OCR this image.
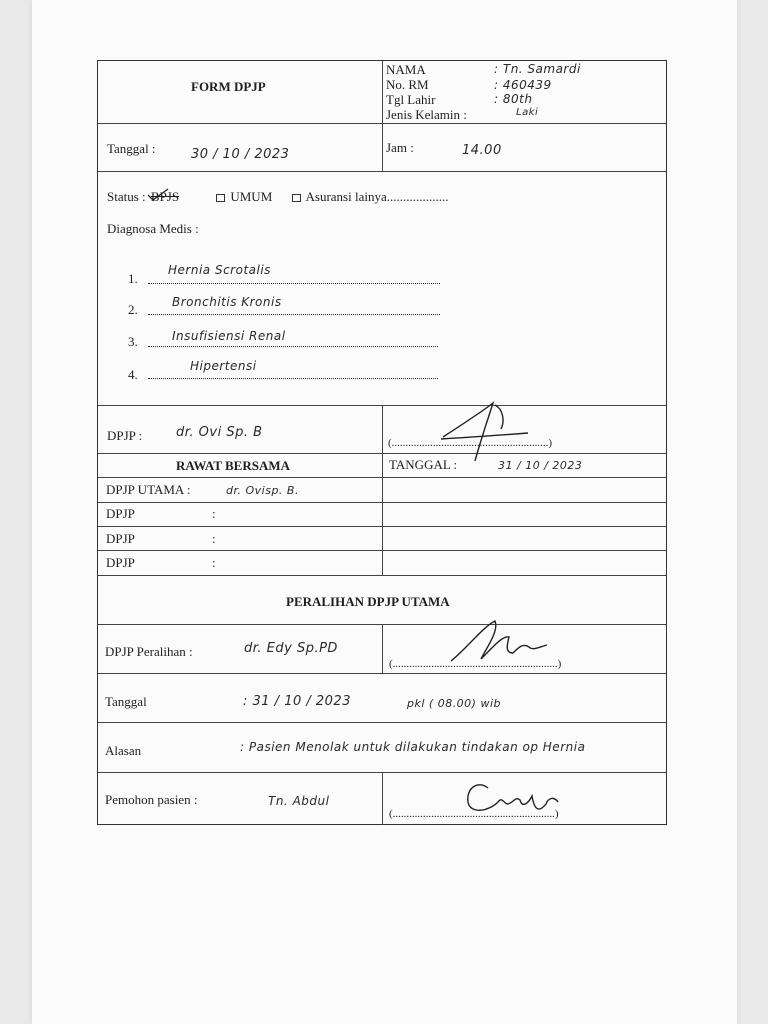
FORM DPJP
NAMA	: Tn. Samardi
No. RM	: 460439
Tgl Lahir	: 80th
Jenis Kelamin :	Laki
Tanggal :	30 / 10 / 2023	Jam :	14.00
Status : BPJS	UMUM	Asuransi lainya...................
Diagnosa Medis :
1.
Hernia Scrotalis
2.	Bronchitis Kronis
3.	Insufisiensi Renal
4.
Hipertensi
DPJP :	dr. Ovi Sp. B
(.........................................................)
RAWAT BERSAMA	TANGGAL :	31 / 10 / 2023
DPJP UTAMA :	dr. Ovisp. B.
DPJP	:
DPJP	:
DPJP	:
PERALIHAN DPJP UTAMA
DPJP Peralihan :	dr. Edy Sp.PD
(............................................................)
Tanggal	: 31 / 10 / 2023	pkl ( 08.00) wib
Alasan	: Pasien Menolak untuk dilakukan tindakan op Hernia
Pemohon pasien :	Tn. Abdul
(...........................................................)
